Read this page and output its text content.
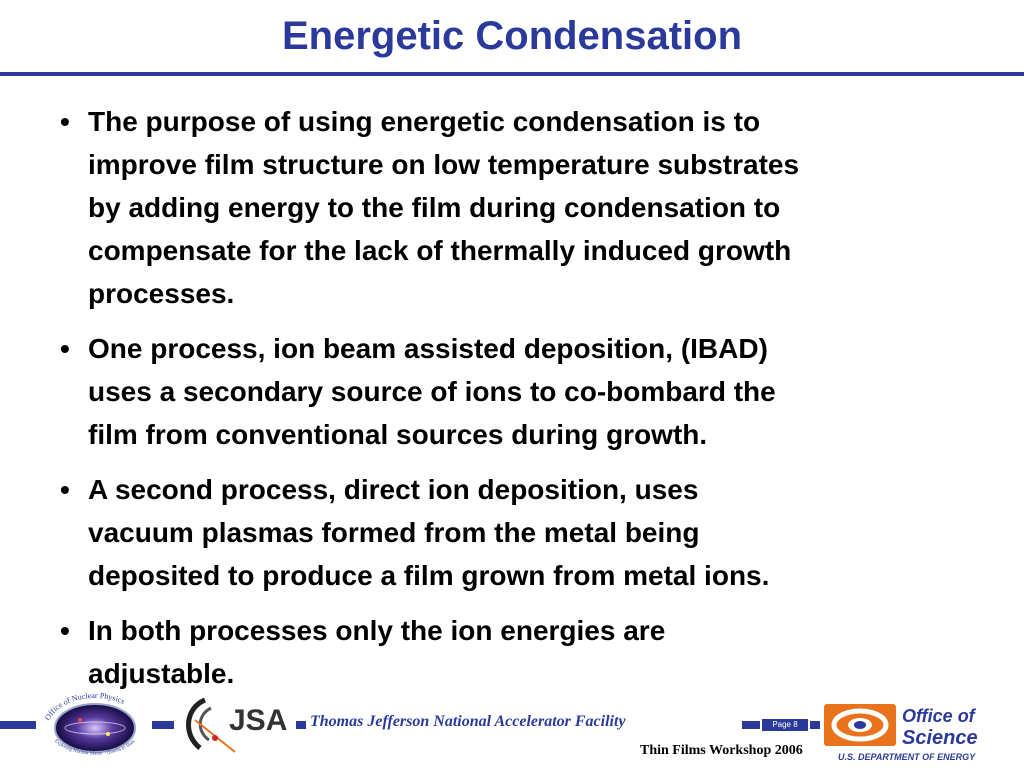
Energetic Condensation
• The purpose of using energetic condensation is to
improve film structure on low temperature substrates
by adding energy to the film during condensation to
compensate for the lack of thermally induced growth
processes.
• One process, ion beam assisted deposition, (IBAD)
uses a secondary source of ions to co-bombard the
film from conventional sources during growth.
• A second process, direct ion deposition, uses
vacuum plasmas formed from the metal being
deposited to produce a film grown from metal ions.
• In both processes only the ion energies are
adjustable.
Thomas Jefferson National Accelerator Facility	Page 8
Thin Films Workshop 2006
Office of Nuclear Physics
Exploring Nuclear Matter · Quarks to Stars
JSA	Office of
Science
U.S. DEPARTMENT OF ENERGY
